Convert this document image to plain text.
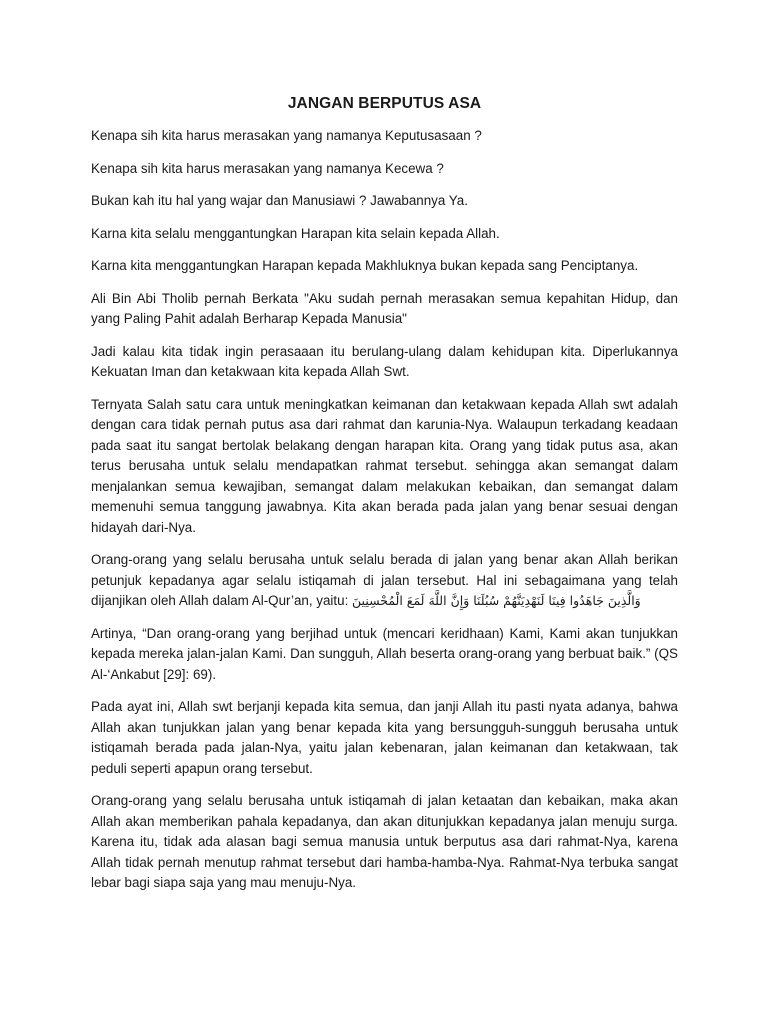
JANGAN BERPUTUS ASA

Kenapa sih kita harus merasakan yang namanya Keputusasaan ?

Kenapa sih kita harus merasakan yang namanya Kecewa ?

Bukan kah itu hal yang wajar dan Manusiawi ? Jawabannya Ya.

Karna kita selalu menggantungkan Harapan kita selain kepada Allah.

Karna kita menggantungkan Harapan kepada Makhluknya bukan kepada sang Penciptanya.

Ali Bin Abi Tholib pernah Berkata "Aku sudah pernah merasakan semua kepahitan Hidup, dan yang Paling Pahit adalah Berharap Kepada Manusia"

Jadi kalau kita tidak ingin perasaaan itu berulang-ulang dalam kehidupan kita. Diperlukannya Kekuatan Iman dan ketakwaan kita kepada Allah Swt.

Ternyata Salah satu cara untuk meningkatkan keimanan dan ketakwaan kepada Allah swt adalah dengan cara tidak pernah putus asa dari rahmat dan karunia-Nya. Walaupun terkadang keadaan pada saat itu sangat bertolak belakang dengan harapan kita. Orang yang tidak putus asa, akan terus berusaha untuk selalu mendapatkan rahmat tersebut. sehingga akan semangat dalam menjalankan semua kewajiban, semangat dalam melakukan kebaikan, dan semangat dalam memenuhi semua tanggung jawabnya. Kita akan berada pada jalan yang benar sesuai dengan hidayah dari-Nya.

Orang-orang yang selalu berusaha untuk selalu berada di jalan yang benar akan Allah berikan petunjuk kepadanya agar selalu istiqamah di jalan tersebut. Hal ini sebagaimana yang telah dijanjikan oleh Allah dalam Al-Qur’an, yaitu: وَالَّذِينَ جَاهَدُوا فِينَا لَنَهْدِيَنَّهُمْ سُبُلَنَا وَإِنَّ اللَّهَ لَمَعَ الْمُحْسِنِينَ

Artinya, “Dan orang-orang yang berjihad untuk (mencari keridhaan) Kami, Kami akan tunjukkan kepada mereka jalan-jalan Kami. Dan sungguh, Allah beserta orang-orang yang berbuat baik.” (QS Al-‘Ankabut [29]: 69).

Pada ayat ini, Allah swt berjanji kepada kita semua, dan janji Allah itu pasti nyata adanya, bahwa Allah akan tunjukkan jalan yang benar kepada kita yang bersungguh-sungguh berusaha untuk istiqamah berada pada jalan-Nya, yaitu jalan kebenaran, jalan keimanan dan ketakwaan, tak peduli seperti apapun orang tersebut.

Orang-orang yang selalu berusaha untuk istiqamah di jalan ketaatan dan kebaikan, maka akan Allah akan memberikan pahala kepadanya, dan akan ditunjukkan kepadanya jalan menuju surga. Karena itu, tidak ada alasan bagi semua manusia untuk berputus asa dari rahmat-Nya, karena Allah tidak pernah menutup rahmat tersebut dari hamba-hamba-Nya. Rahmat-Nya terbuka sangat lebar bagi siapa saja yang mau menuju-Nya.
